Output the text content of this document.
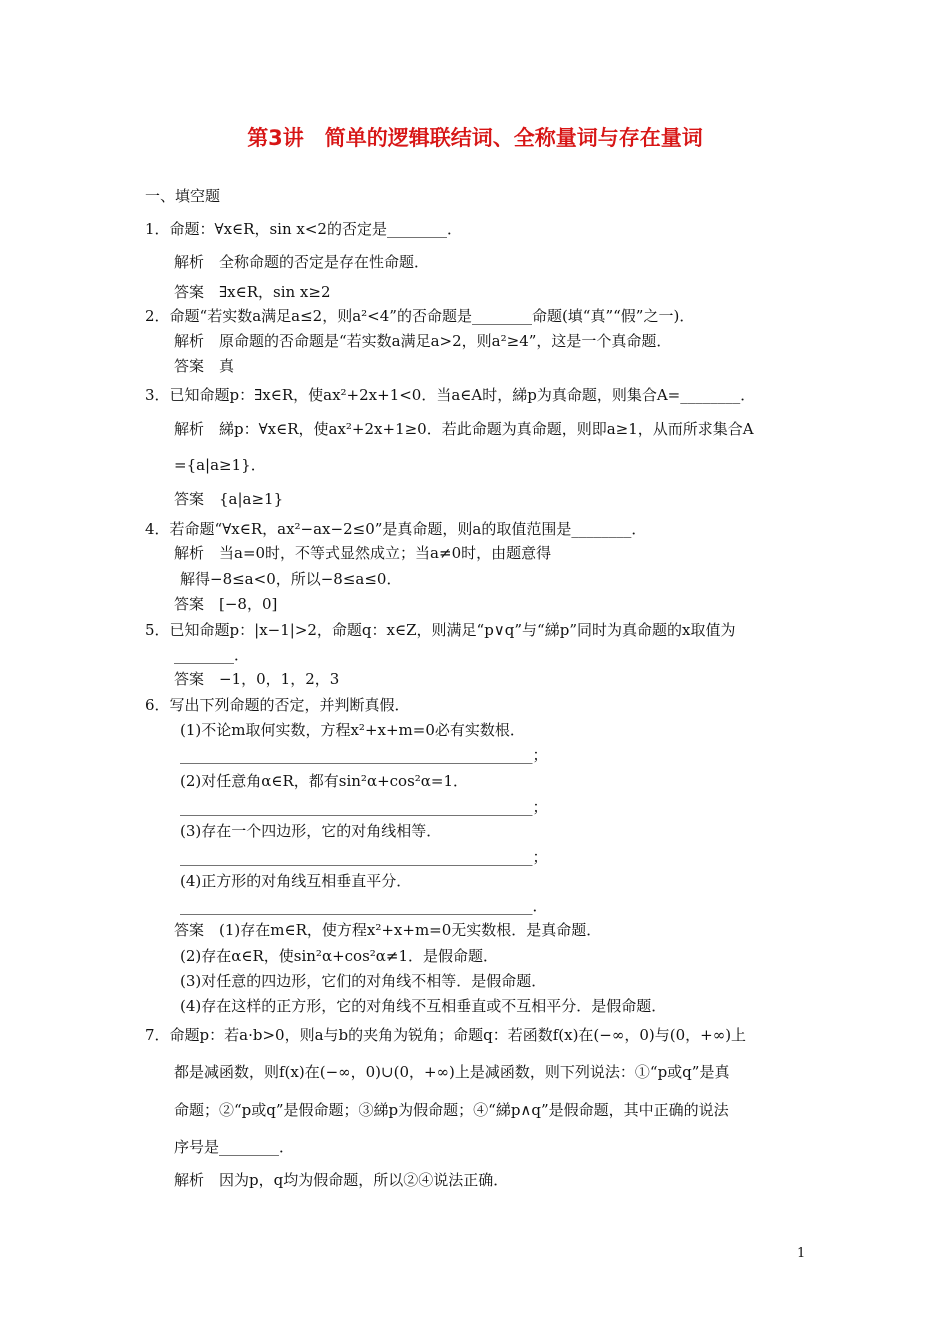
第3讲　简单的逻辑联结词、全称量词与存在量词
一、填空题
1．命题：∀x∈R，sin x<2的否定是________．
解析　全称命题的否定是存在性命题．
答案　∃x∈R，sin x≥2
2．命题“若实数a满足a≤2，则a²<4”的否命题是________命题(填“真”“假”之一)．
解析　原命题的否命题是“若实数a满足a>2，则a²≥4”，这是一个真命题．
答案　真
3．已知命题p：∃x∈R，使ax²+2x+1<0．当a∈A时，綈p为真命题，则集合A=________．
解析　綈p：∀x∈R，使ax²+2x+1≥0．若此命题为真命题，则即a≥1，从而所求集合A
={a|a≥1}．
答案　{a|a≥1}
4．若命题“∀x∈R，ax²−ax−2≤0”是真命题，则a的取值范围是________．
解析　当a=0时，不等式显然成立；当a≠0时，由题意得
解得−8≤a<0，所以−8≤a≤0．
答案　[−8，0]
5．已知命题p：|x−1|>2，命题q：x∈Z，则满足“p∨q”与“綈p”同时为真命题的x取值为
________．
答案　−1，0，1，2，3
6．写出下列命题的否定，并判断真假．
(1)不论m取何实数，方程x²+x+m=0必有实数根．
_______________________________________________；
(2)对任意角α∈R，都有sin²α+cos²α=1．
_______________________________________________；
(3)存在一个四边形，它的对角线相等．
_______________________________________________；
(4)正方形的对角线互相垂直平分．
_______________________________________________．
答案　(1)存在m∈R，使方程x²+x+m=0无实数根．是真命题．
(2)存在α∈R，使sin²α+cos²α≠1．是假命题．
(3)对任意的四边形，它们的对角线不相等．是假命题．
(4)存在这样的正方形，它的对角线不互相垂直或不互相平分．是假命题．
7．命题p：若a·b>0，则a与b的夹角为锐角；命题q：若函数f(x)在(−∞，0)与(0，+∞)上
都是减函数，则f(x)在(−∞，0)∪(0，+∞)上是减函数，则下列说法：①“p或q”是真
命题；②“p或q”是假命题；③綈p为假命题；④“綈p∧q”是假命题，其中正确的说法
序号是________．
解析　因为p，q均为假命题，所以②④说法正确．
1
